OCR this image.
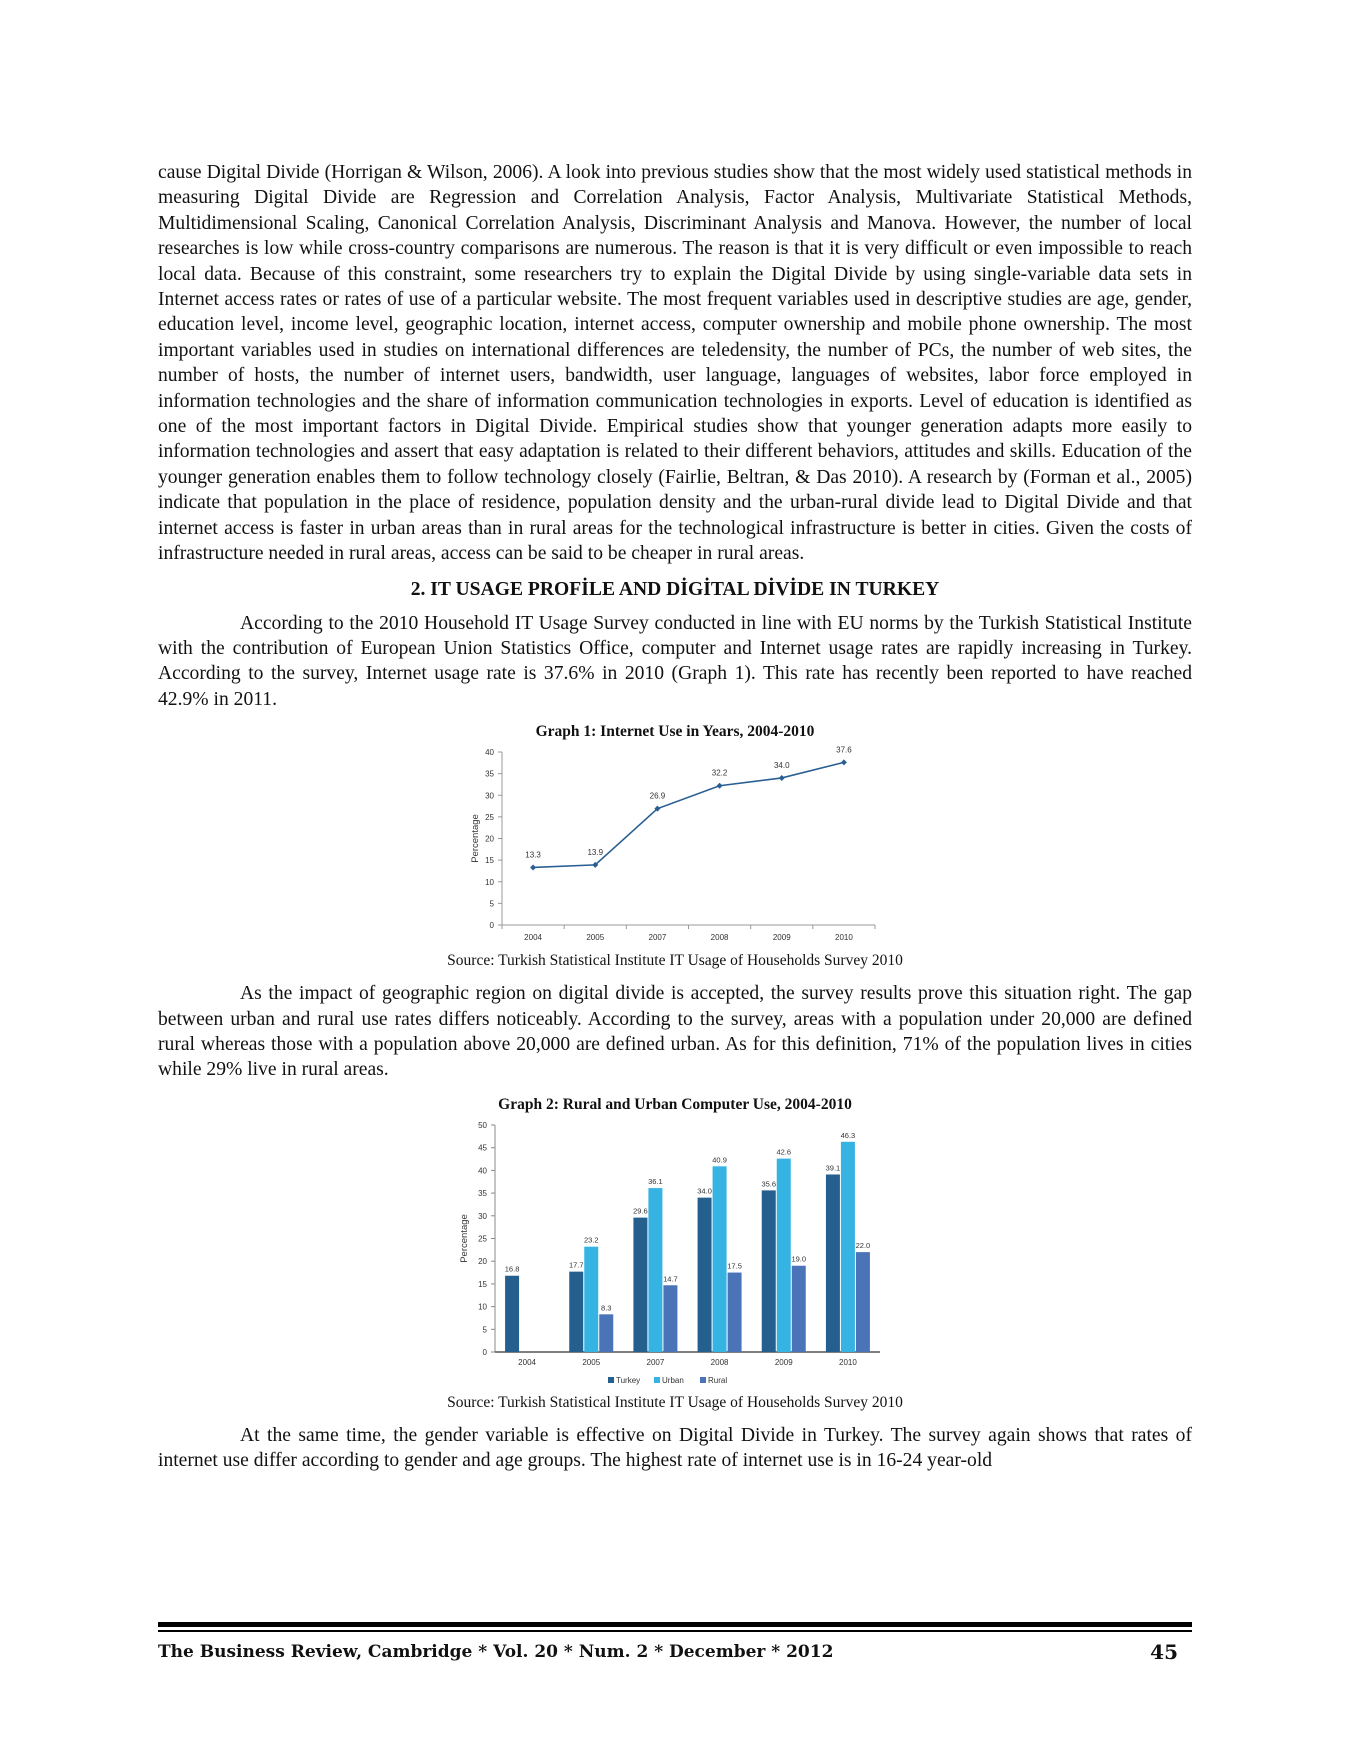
cause Digital Divide (Horrigan & Wilson, 2006). A look into previous studies show that the most widely used statistical methods in measuring Digital Divide are Regression and Correlation Analysis, Factor Analysis, Multivariate Statistical Methods, Multidimensional Scaling, Canonical Correlation Analysis, Discriminant Analysis and Manova. However, the number of local researches is low while cross-country comparisons are numerous. The reason is that it is very difficult or even impossible to reach local data. Because of this constraint, some researchers try to explain the Digital Divide by using single-variable data sets in Internet access rates or rates of use of a particular website. The most frequent variables used in descriptive studies are age, gender, education level, income level, geographic location, internet access, computer ownership and mobile phone ownership. The most important variables used in studies on international differences are teledensity, the number of PCs, the number of web sites, the number of hosts, the number of internet users, bandwidth, user language, languages of websites, labor force employed in information technologies and the share of information communication technologies in exports. Level of education is identified as one of the most important factors in Digital Divide. Empirical studies show that younger generation adapts more easily to information technologies and assert that easy adaptation is related to their different behaviors, attitudes and skills. Education of the younger generation enables them to follow technology closely (Fairlie, Beltran, & Das 2010). A research by (Forman et al., 2005) indicate that population in the place of residence, population density and the urban-rural divide lead to Digital Divide and that internet access is faster in urban areas than in rural areas for the technological infrastructure is better in cities. Given the costs of infrastructure needed in rural areas, access can be said to be cheaper in rural areas.

2. IT USAGE PROFİLE AND DİGİTAL DİVİDE IN TURKEY

According to the 2010 Household IT Usage Survey conducted in line with EU norms by the Turkish Statistical Institute with the contribution of European Union Statistics Office, computer and Internet usage rates are rapidly increasing in Turkey. According to the survey, Internet usage rate is 37.6% in 2010 (Graph 1). This rate has recently been reported to have reached 42.9% in 2011.

Graph 1: Internet Use in Years, 2004-2010
0
5
10
15
20
25
30
35
40
2004	2005	2007	2008	2009	2010
Percentage	13.3	13.9
26.9
32.2
34.0
37.6
Source: Turkish Statistical Institute IT Usage of Households Survey 2010

As the impact of geographic region on digital divide is accepted, the survey results prove this situation right. The gap between urban and rural use rates differs noticeably. According to the survey, areas with a population under 20,000 are defined rural whereas those with a population above 20,000 are defined urban. As for this definition, 71% of the population lives in cities while 29% live in rural areas.

Graph 2: Rural and Urban Computer Use, 2004-2010
0
5
10
15
20
25
30
35
40
45
50
2004	2005	2007	2008	2009	2010
Percentage
16.8	17.7
23.2
8.3
29.6
36.1
14.7
34.0
40.9
17.5
35.6
42.6
19.0
39.1
46.3
22.0
Turkey	Urban	Rural
Source: Turkish Statistical Institute IT Usage of Households Survey 2010

At the same time, the gender variable is effective on Digital Divide in Turkey. The survey again shows that rates of internet use differ according to gender and age groups. The highest rate of internet use is in 16-24 year-old

The Business Review, Cambridge * Vol. 20 * Num. 2 * December * 2012	45
